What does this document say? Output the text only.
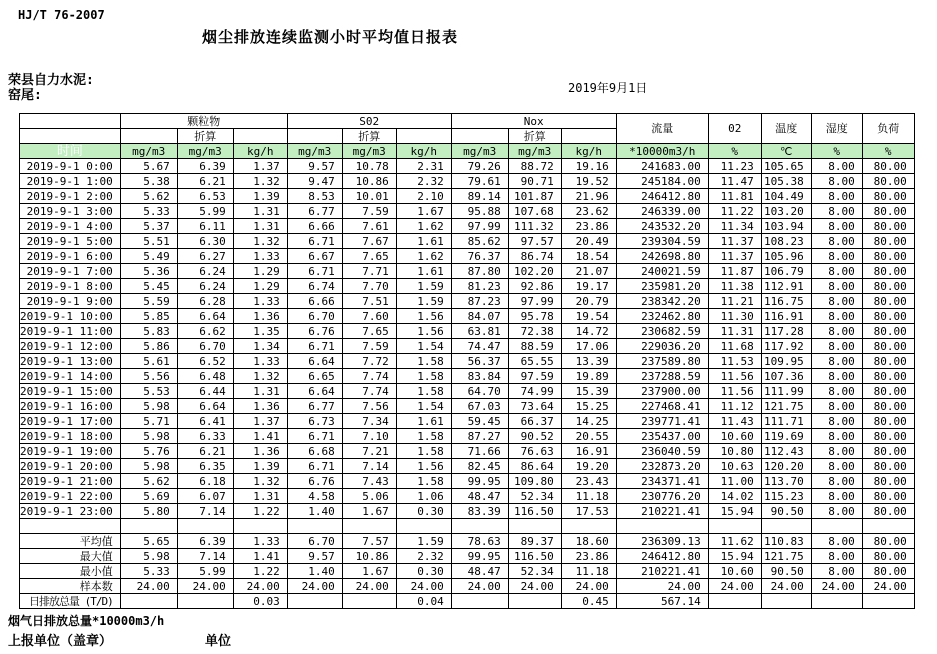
HJ/T 76-2007
烟尘排放连续监测小时平均值日报表
荣县自力水泥:
窑尾:	2019年9月1日
	颗粒物			S02			Nox			流量	02	温度	湿度	负荷
		折算			折算			折算						
时间	mg/m3	mg/m3	kg/h	mg/m3	mg/m3	kg/h	mg/m3	mg/m3	kg/h	*10000m3/h	%	℃	%	%
2019-9-1 0:00	5.67	6.39	1.37	9.57	10.78	2.31	79.26	88.72	19.16	241683.00	11.23	105.65	8.00	80.00
2019-9-1 1:00	5.38	6.21	1.32	9.47	10.86	2.32	79.61	90.71	19.52	245184.00	11.47	105.38	8.00	80.00
2019-9-1 2:00	5.62	6.53	1.39	8.53	10.01	2.10	89.14	101.87	21.96	246412.80	11.81	104.49	8.00	80.00
2019-9-1 3:00	5.33	5.99	1.31	6.77	7.59	1.67	95.88	107.68	23.62	246339.00	11.22	103.20	8.00	80.00
2019-9-1 4:00	5.37	6.11	1.31	6.66	7.61	1.62	97.99	111.32	23.86	243532.20	11.34	103.94	8.00	80.00
2019-9-1 5:00	5.51	6.30	1.32	6.71	7.67	1.61	85.62	97.57	20.49	239304.59	11.37	108.23	8.00	80.00
2019-9-1 6:00	5.49	6.27	1.33	6.67	7.65	1.62	76.37	86.74	18.54	242698.80	11.37	105.96	8.00	80.00
2019-9-1 7:00	5.36	6.24	1.29	6.71	7.71	1.61	87.80	102.20	21.07	240021.59	11.87	106.79	8.00	80.00
2019-9-1 8:00	5.45	6.24	1.29	6.74	7.70	1.59	81.23	92.86	19.17	235981.20	11.38	112.91	8.00	80.00
2019-9-1 9:00	5.59	6.28	1.33	6.66	7.51	1.59	87.23	97.99	20.79	238342.20	11.21	116.75	8.00	80.00
2019-9-1 10:00	5.85	6.64	1.36	6.70	7.60	1.56	84.07	95.78	19.54	232462.80	11.30	116.91	8.00	80.00
2019-9-1 11:00	5.83	6.62	1.35	6.76	7.65	1.56	63.81	72.38	14.72	230682.59	11.31	117.28	8.00	80.00
2019-9-1 12:00	5.86	6.70	1.34	6.71	7.59	1.54	74.47	88.59	17.06	229036.20	11.68	117.92	8.00	80.00
2019-9-1 13:00	5.61	6.52	1.33	6.64	7.72	1.58	56.37	65.55	13.39	237589.80	11.53	109.95	8.00	80.00
2019-9-1 14:00	5.56	6.48	1.32	6.65	7.74	1.58	83.84	97.59	19.89	237288.59	11.56	107.36	8.00	80.00
2019-9-1 15:00	5.53	6.44	1.31	6.64	7.74	1.58	64.70	74.99	15.39	237900.00	11.56	111.99	8.00	80.00
2019-9-1 16:00	5.98	6.64	1.36	6.77	7.56	1.54	67.03	73.64	15.25	227468.41	11.12	121.75	8.00	80.00
2019-9-1 17:00	5.71	6.41	1.37	6.73	7.34	1.61	59.45	66.37	14.25	239771.41	11.43	111.71	8.00	80.00
2019-9-1 18:00	5.98	6.33	1.41	6.71	7.10	1.58	87.27	90.52	20.55	235437.00	10.60	119.69	8.00	80.00
2019-9-1 19:00	5.76	6.21	1.36	6.68	7.21	1.58	71.66	76.63	16.91	236040.59	10.80	112.43	8.00	80.00
2019-9-1 20:00	5.98	6.35	1.39	6.71	7.14	1.56	82.45	86.64	19.20	232873.20	10.63	120.20	8.00	80.00
2019-9-1 21:00	5.62	6.18	1.32	6.76	7.43	1.58	99.95	109.80	23.43	234371.41	11.00	113.70	8.00	80.00
2019-9-1 22:00	5.69	6.07	1.31	4.58	5.06	1.06	48.47	52.34	11.18	230776.20	14.02	115.23	8.00	80.00
2019-9-1 23:00	5.80	7.14	1.22	1.40	1.67	0.30	83.39	116.50	17.53	210221.41	15.94	90.50	8.00	80.00

平均值	5.65	6.39	1.33	6.70	7.57	1.59	78.63	89.37	18.60	236309.13	11.62	110.83	8.00	80.00
最大值	5.98	7.14	1.41	9.57	10.86	2.32	99.95	116.50	23.86	246412.80	15.94	121.75	8.00	80.00
最小值	5.33	5.99	1.22	1.40	1.67	0.30	48.47	52.34	11.18	210221.41	10.60	90.50	8.00	80.00
样本数	24.00	24.00	24.00	24.00	24.00	24.00	24.00	24.00	24.00	24.00	24.00	24.00	24.00	24.00
日排放总量 (T/D)			0.03			0.04			0.45	567.14				
烟气日排放总量*10000m3/h
上报单位（盖章）	单位
